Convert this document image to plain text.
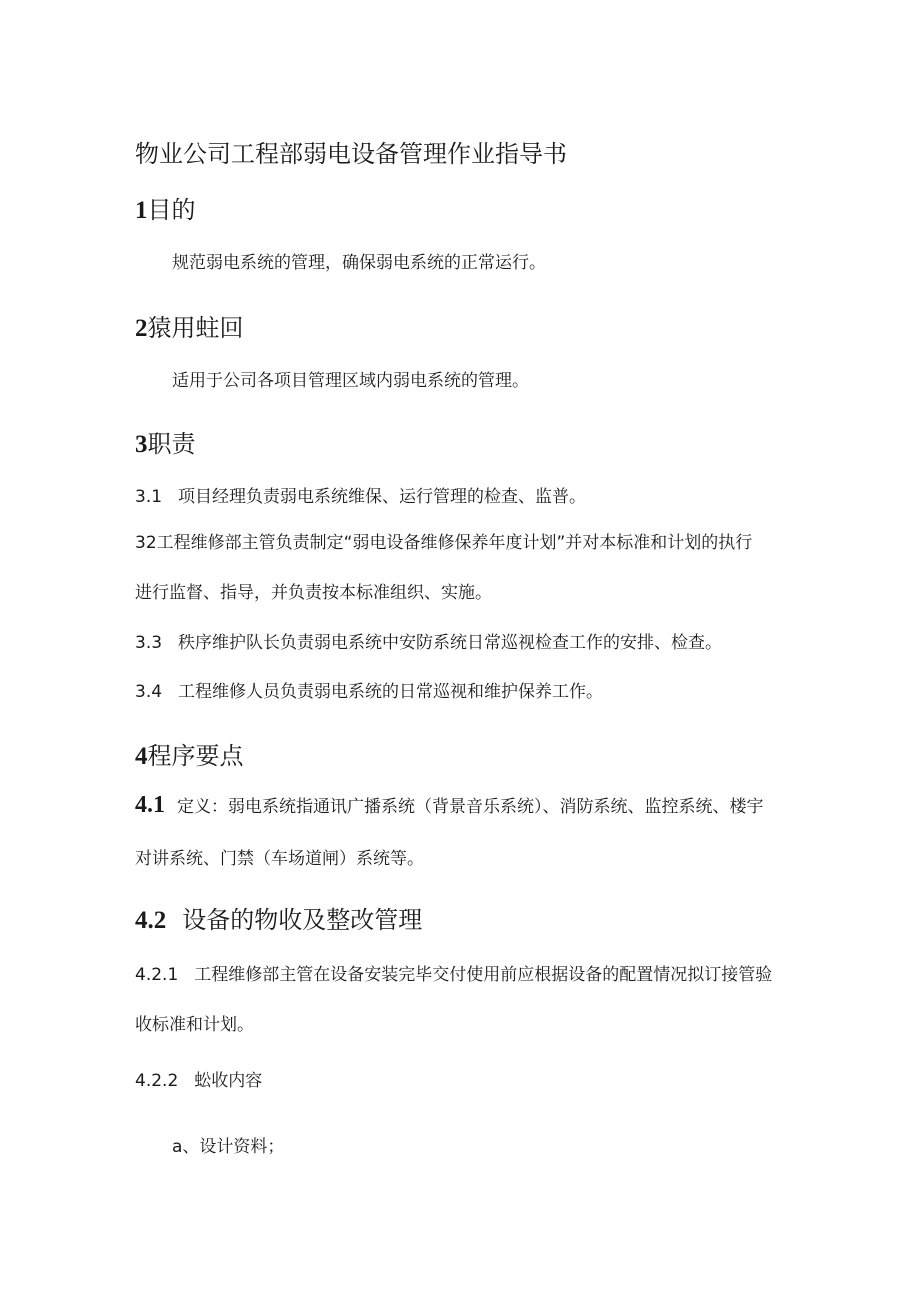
物业公司工程部弱电设备管理作业指导书
1目的
规范弱电系统的管理，确保弱电系统的正常运行。
2猿用蛀回
适用于公司各项目管理区域内弱电系统的管理。
3职责
3.1 项目经理负责弱电系统维保、运行管理的检查、监普。
32工程维修部主管负责制定“弱电设备维修保养年度计划”并对本标准和计划的执行
进行监督、指导，并负责按本标准组织、实施。
3.3 秩序维护队长负责弱电系统中安防系统日常巡视检查工作的安排、检查。
3.4 工程维修人员负责弱电系统的日常巡视和维护保养工作。
4程序要点
4.1 定义：弱电系统指通讯广播系统（背景音乐系统）、消防系统、监控系统、楼宇
对讲系统、门禁（车场道闸）系统等。
4.2 设备的物收及整改管理
4.2.1 工程维修部主管在设备安装完毕交付使用前应根据设备的配置情况拟订接管验
收标准和计划。
4.2.2 蚣收内容
a、设计资料；
